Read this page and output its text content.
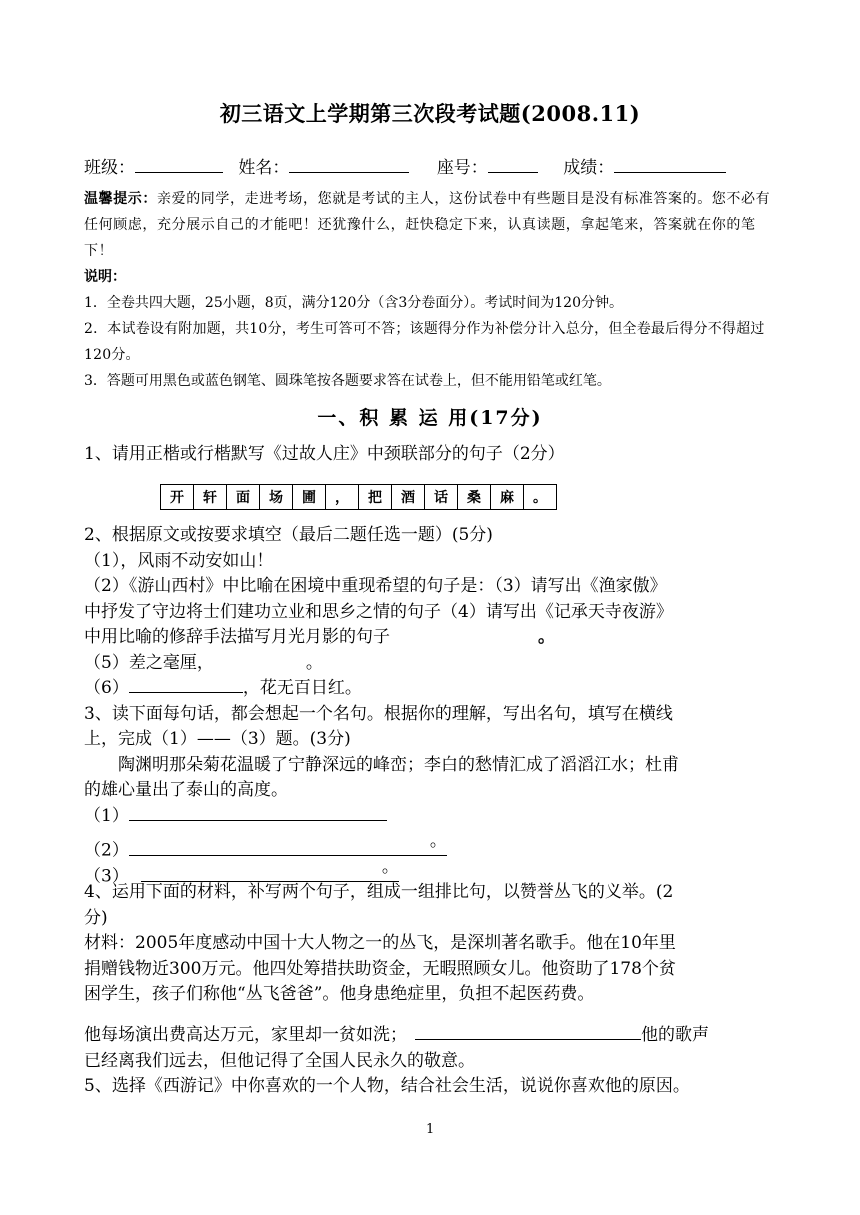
初三语文上学期第三次段考试题(2008.11)
班级：	姓名：	座号：	成绩：
温馨提示：亲爱的同学，走进考场，您就是考试的主人，这份试卷中有些题目是没有标准答案的。您不必有任何顾虑，充分展示自己的才能吧！还犹豫什么，赶快稳定下来，认真读题，拿起笔来，答案就在你的笔下！
说明：
1．全卷共四大题，25小题，8页，满分120分（含3分卷面分）。考试时间为120分钟。
2．本试卷设有附加题，共10分，考生可答可不答；该题得分作为补偿分计入总分，但全卷最后得分不得超过120分。
3．答题可用黑色或蓝色钢笔、圆珠笔按各题要求答在试卷上，但不能用铅笔或红笔。
一、积 累 运 用(17分)
1、请用正楷或行楷默写《过故人庄》中颈联部分的句子（2分）
开	轩	面	场	圃	，	把	酒	话	桑	麻	。
2、根据原文或按要求填空（最后二题任选一题）(5分)
（1），风雨不动安如山！
（2）《游山西村》中比喻在困境中重现希望的句子是：（3）请写出《渔家傲》
中抒发了守边将士们建功立业和思乡之情的句子（4）请写出《记承天寺夜游》
中用比喻的修辞手法描写月光月影的句子	。
（5）差之毫厘，	。
（6）	，花无百日红。
3、读下面每句话，都会想起一个名句。根据你的理解，写出名句，填写在横线
上，完成（1）——（3）题。(3分)
陶渊明那朵菊花温暖了宁静深远的峰峦；李白的愁情汇成了滔滔江水；杜甫
的雄心量出了泰山的高度。
（1）
（2）	。
（3）	。
4、运用下面的材料，补写两个句子，组成一组排比句，以赞誉丛飞的义举。(2
分)
材料：2005年度感动中国十大人物之一的丛飞，是深圳著名歌手。他在10年里
捐赠钱物近300万元。他四处筹措扶助资金，无暇照顾女儿。他资助了178个贫
困学生，孩子们称他“丛飞爸爸”。他身患绝症里，负担不起医药费。
他每场演出费高达万元，家里却一贫如洗；	他的歌声
已经离我们远去，但他记得了全国人民永久的敬意。
5、选择《西游记》中你喜欢的一个人物，结合社会生活，说说你喜欢他的原因。
1
